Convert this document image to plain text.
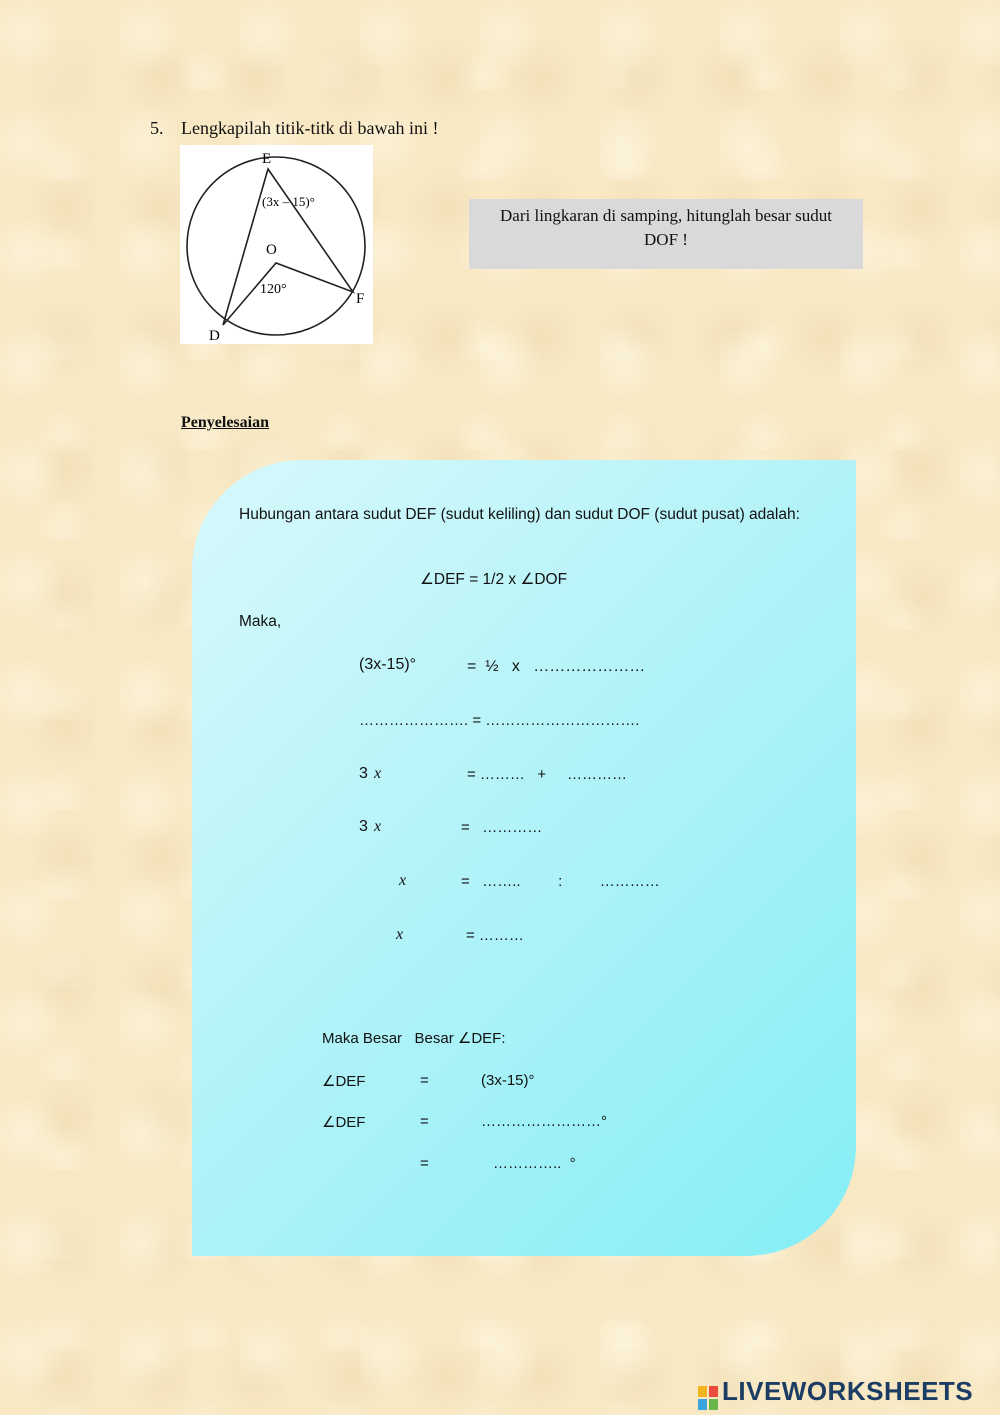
5. Lengkapilah titik-titk di bawah ini !
E
O
F
D
(3x – 15)°
120°
Dari lingkaran di samping, hitunglah besar sudut
DOF !
Penyelesaian
Hubungan antara sudut DEF (sudut keliling) dan sudut DOF (sudut pusat) adalah:
∠DEF = 1/2 x ∠DOF
Maka,
(3x-15)°	=  ½   x   …………………
…………………. = ………………………….
3 x	= ………   +     …………
3 x	=   …………
x	=   ……..         :         …………
x	= ………
Maka Besar   Besar ∠DEF:
∠DEF	=	(3x-15)°
∠DEF	=	……………………°
=	…………..  °
LIVEWORKSHEETS
